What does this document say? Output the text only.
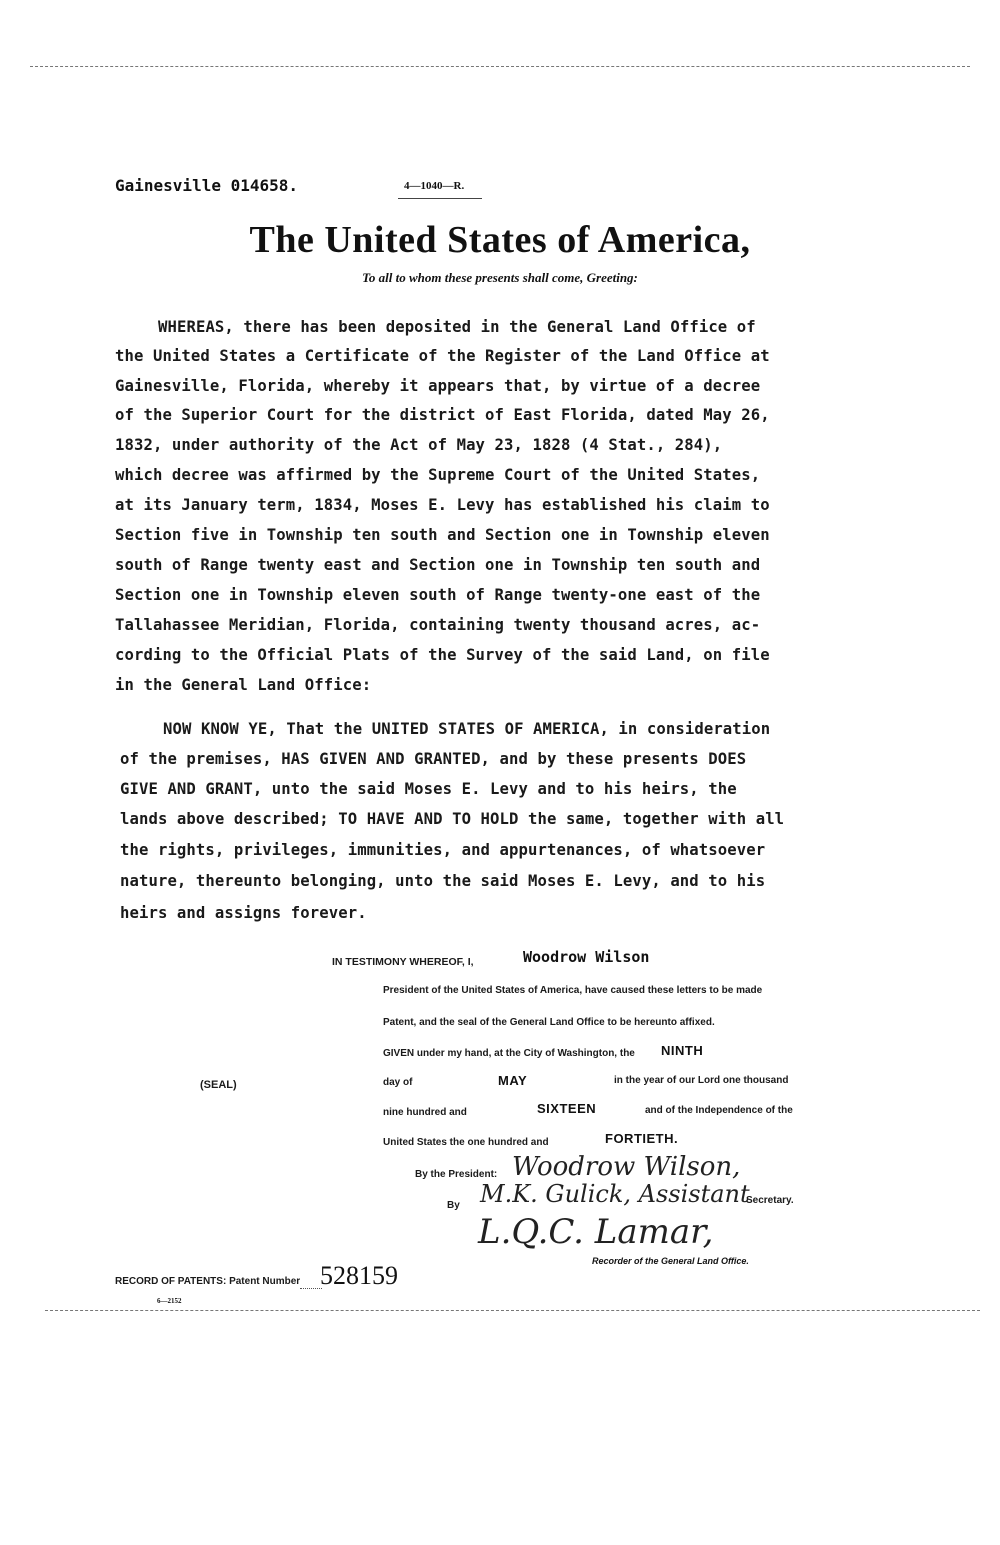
Gainesville 014658.	4—1040—R.
The United States of America,
To all to whom these presents shall come, Greeting:
WHEREAS, there has been deposited in the General Land Office of
the United States a Certificate of the Register of the Land Office at
Gainesville, Florida, whereby it appears that, by virtue of a decree
of the Superior Court for the district of East Florida, dated May 26,
1832, under authority of the Act of May 23, 1828 (4 Stat., 284),
which decree was affirmed by the Supreme Court of the United States,
at its January term, 1834, Moses E. Levy has established his claim to
Section five in Township ten south and Section one in Township eleven
south of Range twenty east and Section one in Township ten south and
Section one in Township eleven south of Range twenty-one east of the
Tallahassee Meridian, Florida, containing twenty thousand acres, ac-
cording to the Official Plats of the Survey of the said Land, on file
in the General Land Office:
NOW KNOW YE, That the UNITED STATES OF AMERICA, in consideration
of the premises, HAS GIVEN AND GRANTED, and by these presents DOES
GIVE AND GRANT, unto the said Moses E. Levy and to his heirs, the
lands above described; TO HAVE AND TO HOLD the same, together with all
the rights, privileges, immunities, and appurtenances, of whatsoever
nature, thereunto belonging, unto the said Moses E. Levy, and to his
heirs and assigns forever.
IN TESTIMONY WHEREOF, I,	Woodrow Wilson
President of the United States of America, have caused these letters to be made
Patent, and the seal of the General Land Office to be hereunto affixed.
GIVEN under my hand, at the City of Washington, the NINTH
(SEAL)	day of	MAY	in the year of our Lord one thousand
nine hundred and	SIXTEEN	and of the Independence of the
United States the one hundred and	FORTIETH.
By the President: Woodrow Wilson,
By M.K. Gulick, Assistant
Secretary.
L.Q.C. Lamar,
Recorder of the General Land Office.
RECORD OF PATENTS: Patent Number 528159
6—2152
